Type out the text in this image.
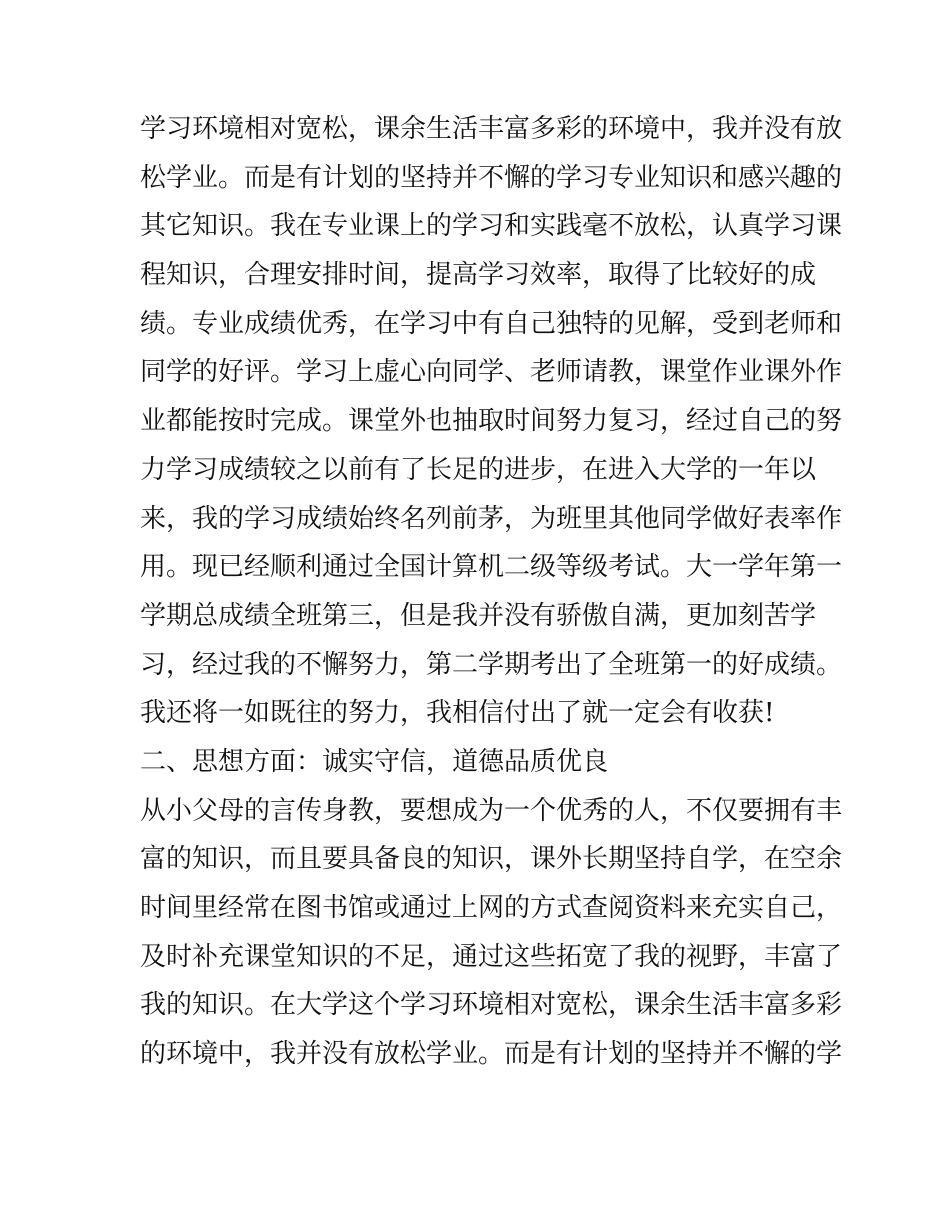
学习环境相对宽松，课余生活丰富多彩的环境中，我并没有放
松学业。而是有计划的坚持并不懈的学习专业知识和感兴趣的
其它知识。我在专业课上的学习和实践毫不放松，认真学习课
程知识，合理安排时间，提高学习效率，取得了比较好的成
绩。专业成绩优秀，在学习中有自己独特的见解，受到老师和
同学的好评。学习上虚心向同学、老师请教，课堂作业课外作
业都能按时完成。课堂外也抽取时间努力复习，经过自己的努
力学习成绩较之以前有了长足的进步，在进入大学的一年以
来，我的学习成绩始终名列前茅，为班里其他同学做好表率作
用。现已经顺利通过全国计算机二级等级考试。大一学年第一
学期总成绩全班第三，但是我并没有骄傲自满，更加刻苦学
习，经过我的不懈努力，第二学期考出了全班第一的好成绩。
我还将一如既往的努力，我相信付出了就一定会有收获!
二、思想方面：诚实守信，道德品质优良
从小父母的言传身教，要想成为一个优秀的人，不仅要拥有丰
富的知识，而且要具备良的知识，课外长期坚持自学，在空余
时间里经常在图书馆或通过上网的方式查阅资料来充实自己，
及时补充课堂知识的不足，通过这些拓宽了我的视野，丰富了
我的知识。在大学这个学习环境相对宽松，课余生活丰富多彩
的环境中，我并没有放松学业。而是有计划的坚持并不懈的学
